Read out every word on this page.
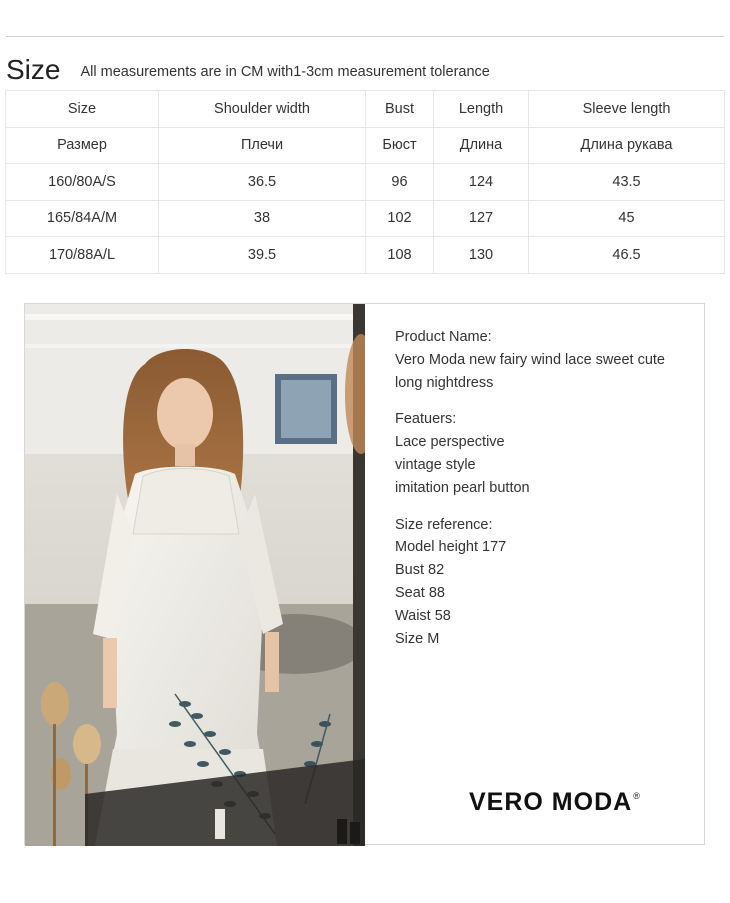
Size All measurements are in CM with1-3cm measurement tolerance
Size	Shoulder width	Bust	Length	Sleeve length
Размер	Плечи	Бюст	Длина	Длина рукава
160/80A/S	36.5	96	124	43.5
165/84A/M	38	102	127	45
170/88A/L	39.5	108	130	46.5
Product Name:
Vero Moda new fairy wind lace sweet cute
long nightdress
Featuers:
Lace perspective
vintage style
imitation pearl button
Size reference:
Model height 177
Bust 82
Seat 88
Waist 58
Size M
VERO MODA®
